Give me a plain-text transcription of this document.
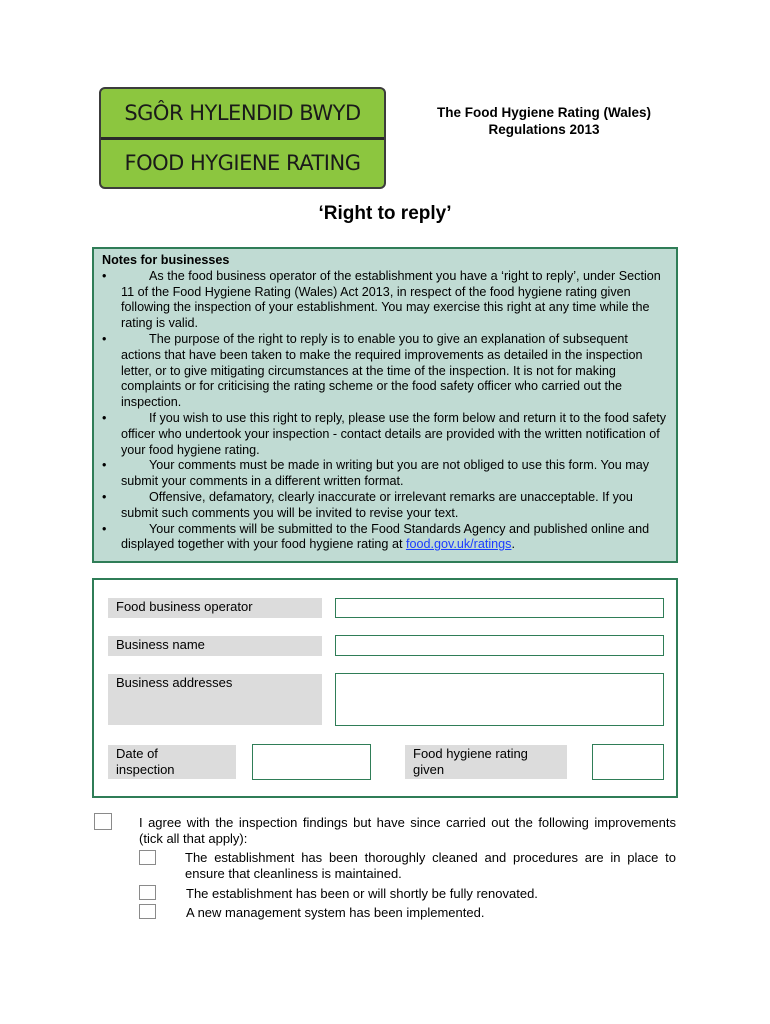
SGÔR HYLENDID BWYD
FOOD HYGIENE RATING
The Food Hygiene Rating (Wales)
Regulations 2013
‘Right to reply’
Notes for businesses
•	As the food business operator of the establishment you have a ‘right to reply’, under Section 11 of the Food Hygiene Rating (Wales) Act 2013, in respect of the food hygiene rating given following the inspection of your establishment. You may exercise this right at any time while the rating is valid.
•	The purpose of the right to reply is to enable you to give an explanation of subsequent actions that have been taken to make the required improvements as detailed in the inspection letter, or to give mitigating circumstances at the time of the inspection. It is not for making complaints or for criticising the rating scheme or the food safety officer who carried out the inspection.
•	If you wish to use this right to reply, please use the form below and return it to the food safety officer who undertook your inspection - contact details are provided with the written notification of your food hygiene rating.
•	Your comments must be made in writing but you are not obliged to use this form. You may submit your comments in a different written format.
•	Offensive, defamatory, clearly inaccurate or irrelevant remarks are unacceptable. If you submit such comments you will be invited to revise your text.
•	Your comments will be submitted to the Food Standards Agency and published online and displayed together with your food hygiene rating at food.gov.uk/ratings.
Food business operator
Business name
Business addresses
Date of
inspection
Food hygiene rating
given
I agree with the inspection findings but have since carried out the following improvements (tick all that apply):
The establishment has been thoroughly cleaned and procedures are in place to ensure that cleanliness is maintained.
The establishment has been or will shortly be fully renovated.
A new management system has been implemented.
